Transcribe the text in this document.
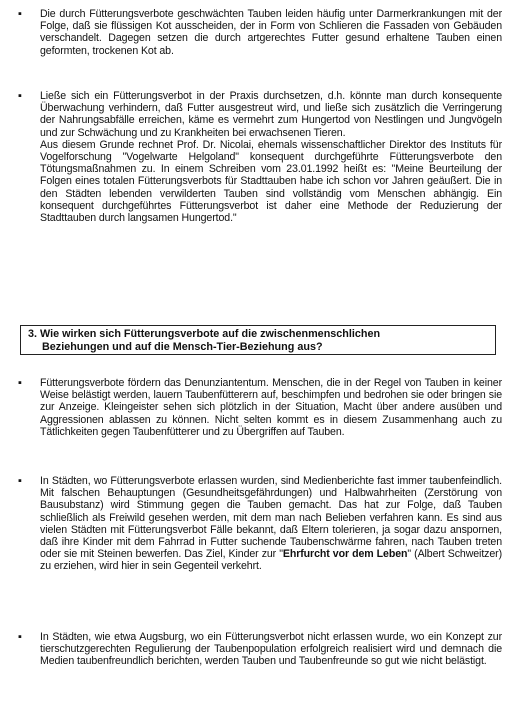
▪ Die durch Fütterungsverbote geschwächten Tauben leiden häufig unter Darmerkrankungen mit der Folge, daß sie flüssigen Kot ausscheiden, der in Form von Schlieren die Fassaden von Gebäuden verschandelt. Dagegen setzen die durch artgerechtes Futter gesund erhaltene Tauben einen geformten, trockenen Kot ab.

▪ Ließe sich ein Fütterungsverbot in der Praxis durchsetzen, d.h. könnte man durch konsequente Überwachung verhindern, daß Futter ausgestreut wird, und ließe sich zusätzlich die Verringerung der Nahrungsabfälle erreichen, käme es vermehrt zum Hungertod von Nestlingen und Jungvögeln und zur Schwächung und zu Krankheiten bei erwachsenen Tieren.

Aus diesem Grunde rechnet Prof. Dr. Nicolai, ehemals wissenschaftlicher Direktor des Instituts für Vogelforschung "Vogelwarte Helgoland" konsequent durchgeführte Fütterungsverbote den Tötungsmaßnahmen zu. In einem Schreiben vom 23.01.1992 heißt es: "Meine Beurteilung der Folgen eines totalen Fütterungsverbots für Stadttauben habe ich schon vor Jahren geäußert. Die in den Städten lebenden verwilderten Tauben sind vollständig vom Menschen abhängig. Ein konsequent durchgeführtes Fütterungsverbot ist daher eine Methode der Reduzierung der Stadttauben durch langsamen Hungertod."

3. Wie wirken sich Fütterungsverbote auf die zwischenmenschlichen
Beziehungen und auf die Mensch-Tier-Beziehung aus?
▪ Fütterungsverbote fördern das Denunziantentum. Menschen, die in der Regel von Tauben in keiner Weise belästigt werden, lauern Taubenfütterern auf, beschimpfen und bedrohen sie oder bringen sie zur Anzeige. Kleingeister sehen sich plötzlich in der Situation, Macht über andere ausüben und Aggressionen ablassen zu können. Nicht selten kommt es in diesem Zusammenhang auch zu Tätlichkeiten gegen Taubenfütterer und zu Übergriffen auf Tauben.

▪ In Städten, wo Fütterungsverbote erlassen wurden, sind Medienberichte fast immer taubenfeindlich. Mit falschen Behauptungen (Gesundheitsgefährdungen) und Halbwahrheiten (Zerstörung von Bausubstanz) wird Stimmung gegen die Tauben gemacht. Das hat zur Folge, daß Tauben schließlich als Freiwild gesehen werden, mit dem man nach Belieben verfahren kann. Es sind aus vielen Städten mit Fütterungsverbot Fälle bekannt, daß Eltern tolerieren, ja sogar dazu anspornen, daß ihre Kinder mit dem Fahrrad in Futter suchende Taubenschwärme fahren, nach Tauben treten oder sie mit Steinen bewerfen. Das Ziel, Kinder zur "Ehrfurcht vor dem Leben" (Albert Schweitzer) zu erziehen, wird hier in sein Gegenteil verkehrt.

▪ In Städten, wie etwa Augsburg, wo ein Fütterungsverbot nicht erlassen wurde, wo ein Konzept zur tierschutzgerechten Regulierung der Taubenpopulation erfolgreich realisiert wird und demnach die Medien taubenfreundlich berichten, werden Tauben und Taubenfreunde so gut wie nicht belästigt.
